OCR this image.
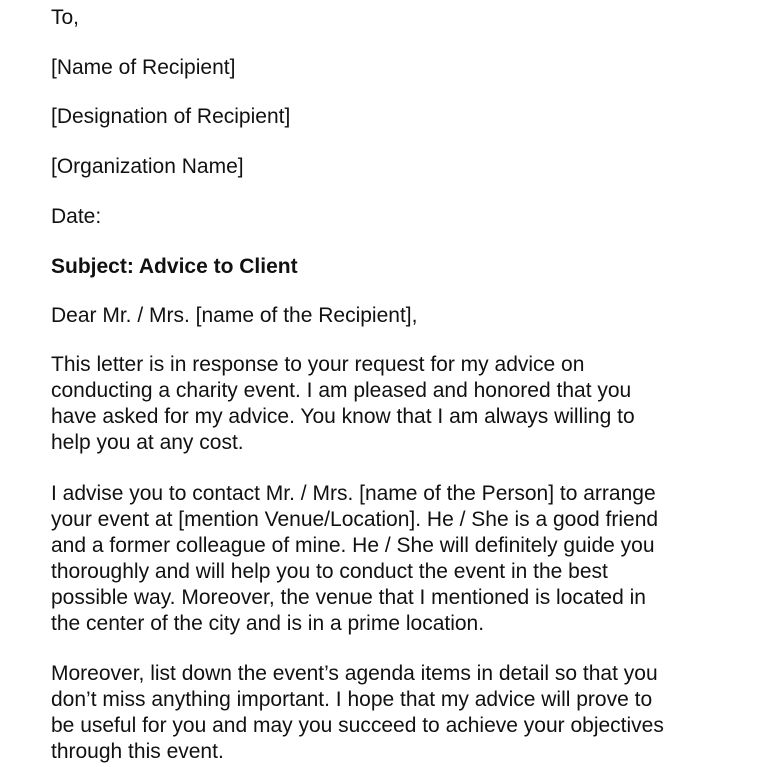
To,

[Name of Recipient]

[Designation of Recipient]

[Organization Name]

Date:

Subject: Advice to Client

Dear Mr. / Mrs. [name of the Recipient],

This letter is in response to your request for my advice on
conducting a charity event. I am pleased and honored that you
have asked for my advice. You know that I am always willing to
help you at any cost.
I advise you to contact Mr. / Mrs. [name of the Person] to arrange
your event at [mention Venue/Location]. He / She is a good friend
and a former colleague of mine. He / She will definitely guide you
thoroughly and will help you to conduct the event in the best
possible way. Moreover, the venue that I mentioned is located in
the center of the city and is in a prime location.
Moreover, list down the event’s agenda items in detail so that you
don’t miss anything important. I hope that my advice will prove to
be useful for you and may you succeed to achieve your objectives
through this event.
